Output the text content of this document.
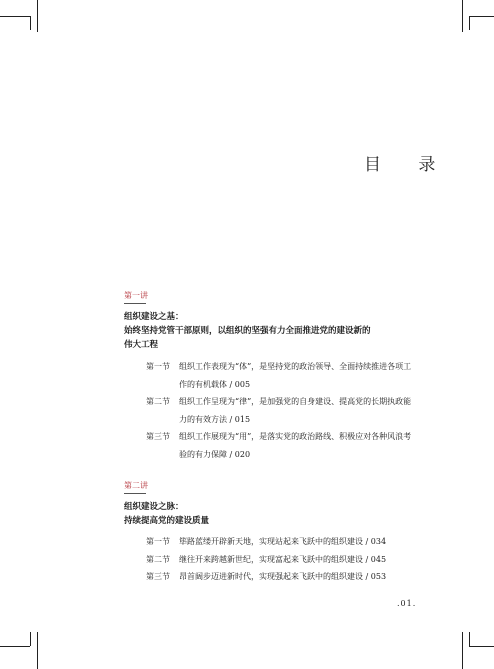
目 录

第一讲

组织建设之基：
始终坚持党管干部原则，以组织的坚强有力全面推进党的建设新的
伟大工程
第一节	组织工作表现为“体”，是坚持党的政治领导、全面持续推进各项工作的有机载体 / 005
第二节	组织工作呈现为“律”，是加强党的自身建设、提高党的长期执政能力的有效方法 / 015
第三节	组织工作展现为“用”，是落实党的政治路线、积极应对各种风浪考验的有力保障 / 020

第二讲

组织建设之脉：
持续提高党的建设质量
第一节	筚路蓝缕开辟新天地，实现站起来飞跃中的组织建设 / 034
第二节	继往开来跨越新世纪，实现富起来飞跃中的组织建设 / 045
第三节	昂首阔步迈进新时代，实现强起来飞跃中的组织建设 / 053
.01.
